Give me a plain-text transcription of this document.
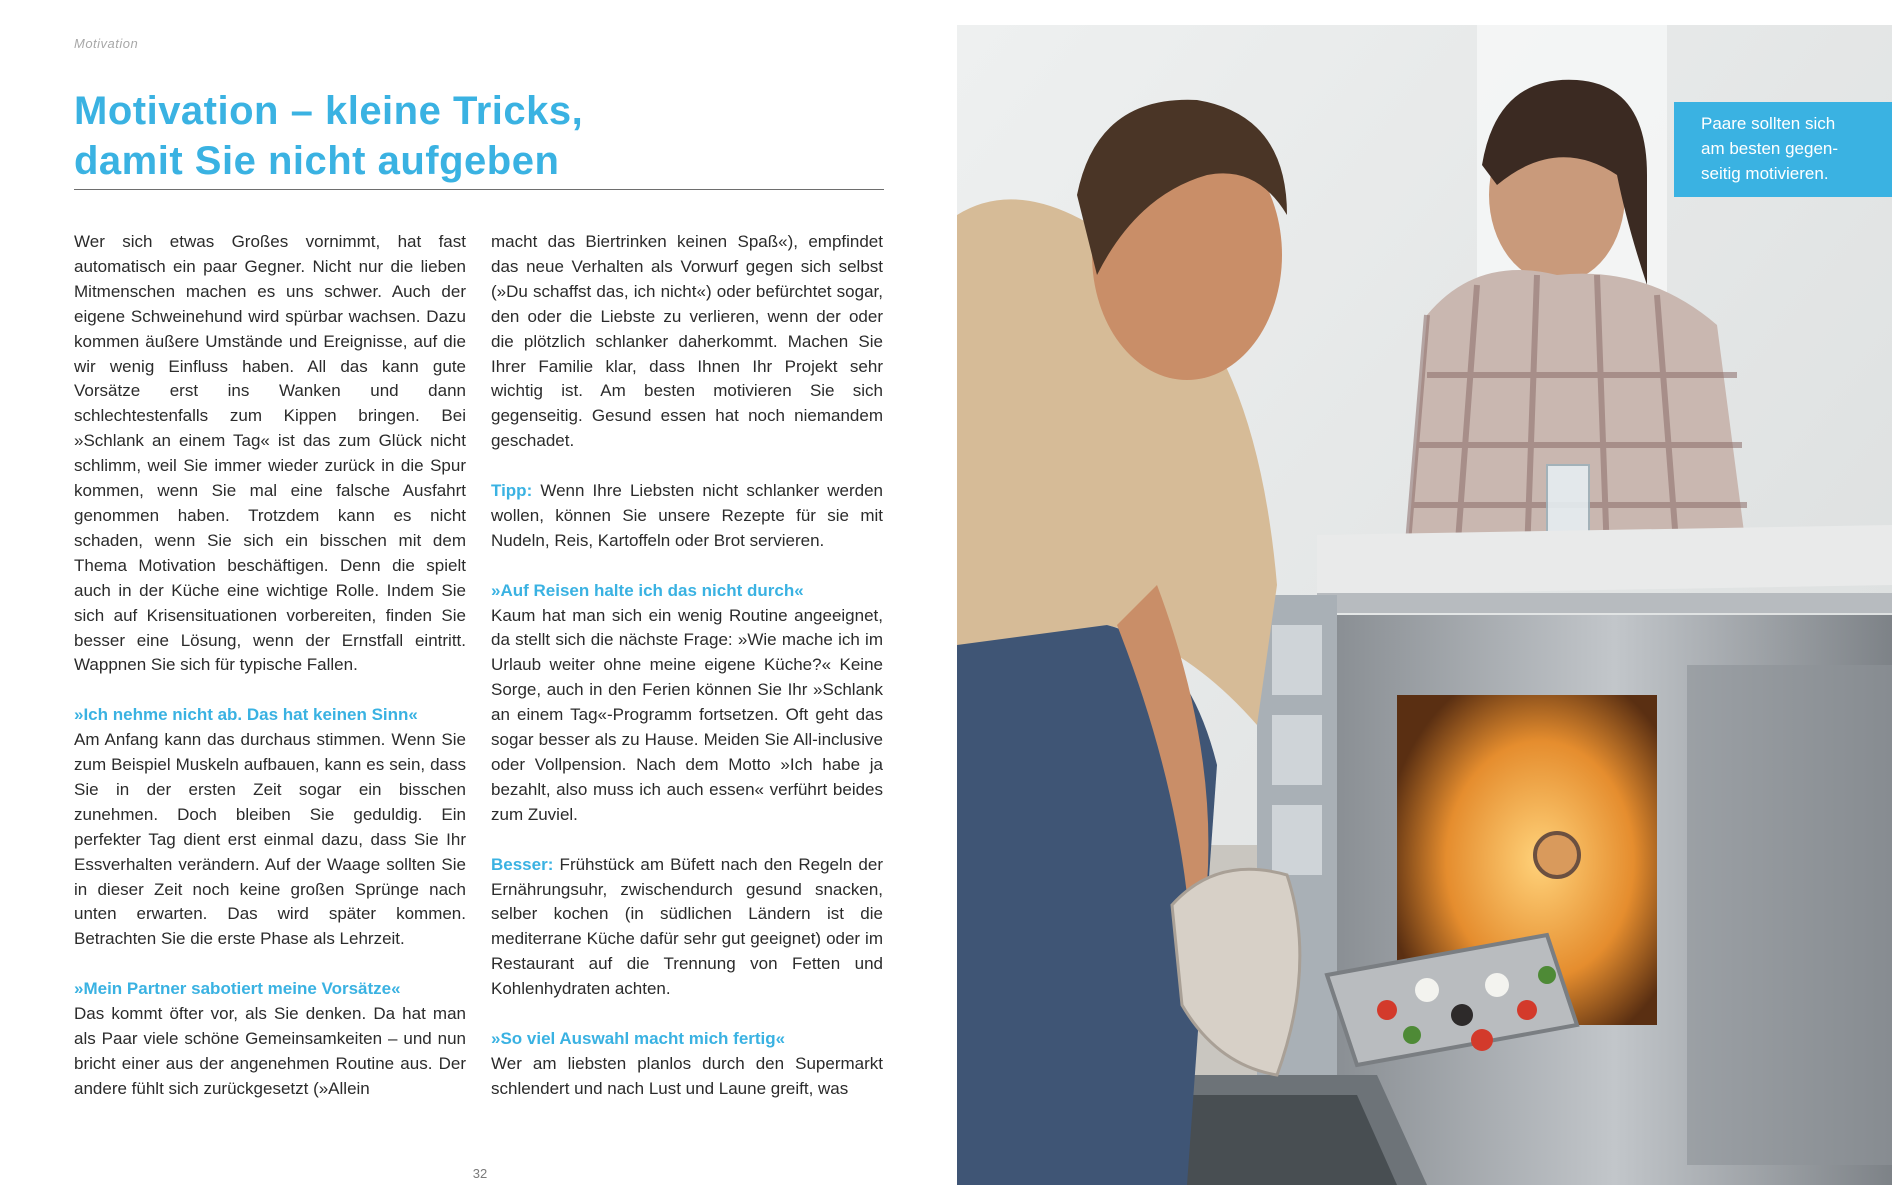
Motivation
Motivation – kleine Tricks,
damit Sie nicht aufgeben

Wer sich etwas Großes vornimmt, hat fast automatisch ein paar Gegner. Nicht nur die lieben Mitmenschen machen es uns schwer. Auch der eigene Schweinehund wird spürbar wachsen. Dazu kommen äußere Umstände und Ereignisse, auf die wir wenig Einfluss haben. All das kann gute Vorsätze erst ins Wanken und dann schlechtestenfalls zum Kippen bringen. Bei »Schlank an einem Tag« ist das zum Glück nicht schlimm, weil Sie immer wieder zurück in die Spur kommen, wenn Sie mal eine falsche Ausfahrt genommen haben. Trotzdem kann es nicht schaden, wenn Sie sich ein bisschen mit dem Thema Motivation beschäftigen. Denn die spielt auch in der Küche eine wichtige Rolle. Indem Sie sich auf Krisensituationen vorbereiten, finden Sie besser eine Lösung, wenn der Ernstfall eintritt. Wappnen Sie sich für typische Fallen.

»Ich nehme nicht ab. Das hat keinen Sinn«
Am Anfang kann das durchaus stimmen. Wenn Sie zum Beispiel Muskeln aufbauen, kann es sein, dass Sie in der ersten Zeit sogar ein bisschen zunehmen. Doch bleiben Sie geduldig. Ein perfekter Tag dient erst einmal dazu, dass Sie Ihr Essverhalten verändern. Auf der Waage sollten Sie in dieser Zeit noch keine großen Sprünge nach unten erwarten. Das wird später kommen. Betrachten Sie die erste Phase als Lehrzeit.

»Mein Partner sabotiert meine Vorsätze«
Das kommt öfter vor, als Sie denken. Da hat man als Paar viele schöne Gemeinsamkeiten – und nun bricht einer aus der angenehmen Routine aus. Der andere fühlt sich zurückgesetzt (»Allein

macht das Biertrinken keinen Spaß«), empfindet das neue Verhalten als Vorwurf gegen sich selbst (»Du schaffst das, ich nicht«) oder befürchtet sogar, den oder die Liebste zu verlieren, wenn der oder die plötzlich schlanker daherkommt. Machen Sie Ihrer Familie klar, dass Ihnen Ihr Projekt sehr wichtig ist. Am besten motivieren Sie sich gegenseitig. Gesund essen hat noch niemandem geschadet.

Tipp: Wenn Ihre Liebsten nicht schlanker werden wollen, können Sie unsere Rezepte für sie mit Nudeln, Reis, Kartoffeln oder Brot servieren.

»Auf Reisen halte ich das nicht durch«
Kaum hat man sich ein wenig Routine angeeignet, da stellt sich die nächste Frage: »Wie mache ich im Urlaub weiter ohne meine eigene Küche?« Keine Sorge, auch in den Ferien können Sie Ihr »Schlank an einem Tag«-Programm fortsetzen. Oft geht das sogar besser als zu Hause. Meiden Sie All-inclusive oder Vollpension. Nach dem Motto »Ich habe ja bezahlt, also muss ich auch essen« verführt beides zum Zuviel.

Besser: Frühstück am Büfett nach den Regeln der Ernährungsuhr, zwischendurch gesund snacken, selber kochen (in südlichen Ländern ist die mediterrane Küche dafür sehr gut geeignet) oder im Restaurant auf die Trennung von Fetten und Kohlenhydraten achten.

»So viel Auswahl macht mich fertig«
Wer am liebsten planlos durch den Supermarkt schlendert und nach Lust und Laune greift, was

32
Paare sollten sich
am besten gegen-
seitig motivieren.
